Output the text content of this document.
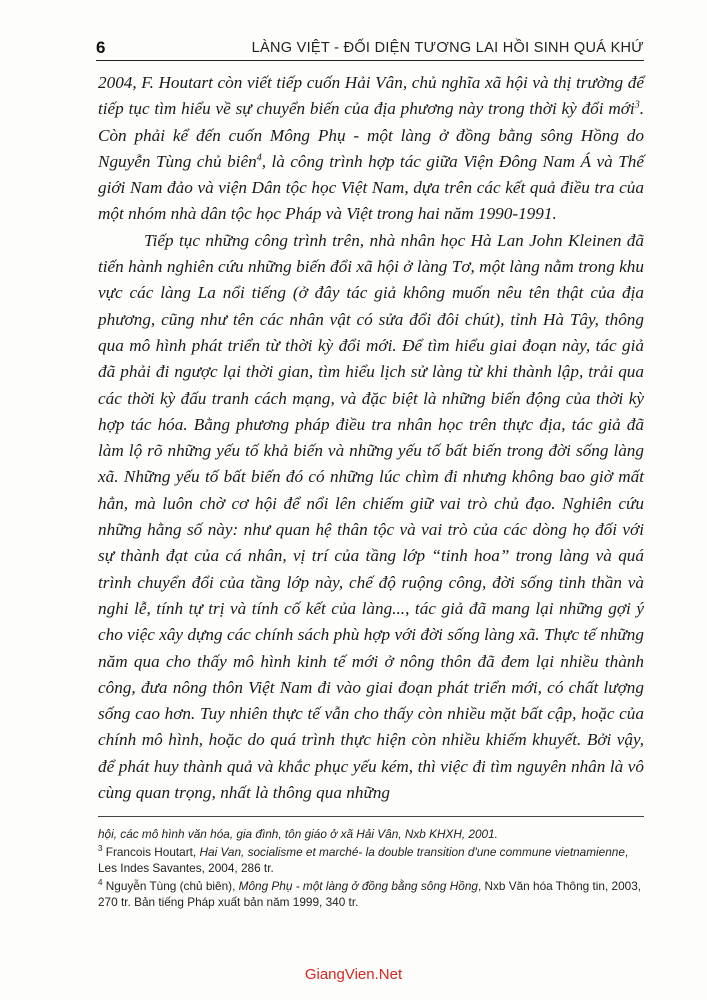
6	LÀNG VIỆT - ĐỐI DIỆN TƯƠNG LAI HỒI SINH QUÁ KHỨ

2004, F. Houtart còn viết tiếp cuốn Hải Vân, chủ nghĩa xã hội và thị trường để tiếp tục tìm hiểu về sự chuyển biến của địa phương này trong thời kỳ đổi mới$^3$. Còn phải kể đến cuốn Mông Phụ - một làng ở đồng bằng sông Hồng do Nguyễn Tùng chủ biên$^4$, là công trình hợp tác giữa Viện Đông Nam Á và Thế giới Nam đảo và viện Dân tộc học Việt Nam, dựa trên các kết quả điều tra của một nhóm nhà dân tộc học Pháp và Việt trong hai năm 1990-1991.

Tiếp tục những công trình trên, nhà nhân học Hà Lan John Kleinen đã tiến hành nghiên cứu những biến đổi xã hội ở làng Tơ, một làng nằm trong khu vực các làng La nổi tiếng (ở đây tác giả không muốn nêu tên thật của địa phương, cũng như tên các nhân vật có sửa đổi đôi chút), tỉnh Hà Tây, thông qua mô hình phát triển từ thời kỳ đổi mới. Để tìm hiểu giai đoạn này, tác giả đã phải đi ngược lại thời gian, tìm hiểu lịch sử làng từ khi thành lập, trải qua các thời kỳ đấu tranh cách mạng, và đặc biệt là những biến động của thời kỳ hợp tác hóa. Bằng phương pháp điều tra nhân học trên thực địa, tác giả đã làm lộ rõ những yếu tố khả biến và những yếu tố bất biến trong đời sống làng xã. Những yếu tố bất biến đó có những lúc chìm đi nhưng không bao giờ mất hẳn, mà luôn chờ cơ hội để nổi lên chiếm giữ vai trò chủ đạo. Nghiên cứu những hằng số này: như quan hệ thân tộc và vai trò của các dòng họ đối với sự thành đạt của cá nhân, vị trí của tầng lớp “tinh hoa” trong làng và quá trình chuyển đổi của tầng lớp này, chế độ ruộng công, đời sống tinh thần và nghi lễ, tính tự trị và tính cố kết của làng..., tác giả đã mang lại những gợi ý cho việc xây dựng các chính sách phù hợp với đời sống làng xã. Thực tế những năm qua cho thấy mô hình kinh tế mới ở nông thôn đã đem lại nhiều thành công, đưa nông thôn Việt Nam đi vào giai đoạn phát triển mới, có chất lượng sống cao hơn. Tuy nhiên thực tế vẫn cho thấy còn nhiều mặt bất cập, hoặc của chính mô hình, hoặc do quá trình thực hiện còn nhiều khiếm khuyết. Bởi vậy, để phát huy thành quả và khắc phục yếu kém, thì việc đi tìm nguyên nhân là vô cùng quan trọng, nhất là thông qua những

hội, các mô hình văn hóa, gia đình, tôn giáo ở xã Hải Vân, Nxb KHXH, 2001.

$^3$ Francois Houtart, Hai Van, socialisme et marché- la double transition d'une commune vietnamienne, Les Indes Savantes, 2004, 286 tr.

$^4$ Nguyễn Tùng (chủ biên), Mông Phụ - một làng ở đồng bằng sông Hồng, Nxb Văn hóa Thông tin, 2003, 270 tr. Bản tiếng Pháp xuất bản năm 1999, 340 tr.

GiangVien.Net
